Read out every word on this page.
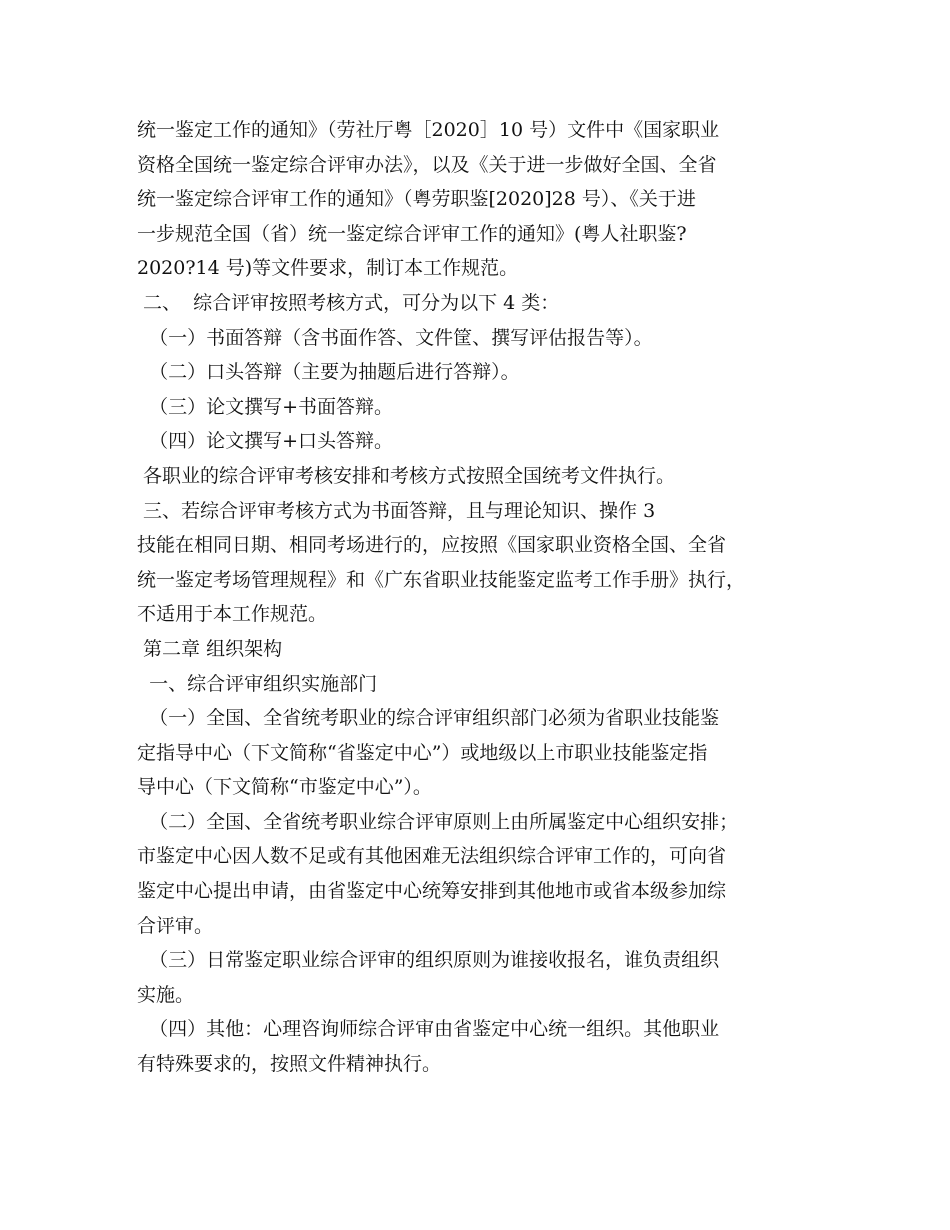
统一鉴定工作的通知》（劳社厅粤［2020］10 号）文件中《国家职业
资格全国统一鉴定综合评审办法》，以及《关于进一步做好全国、全省
统一鉴定综合评审工作的通知》（粤劳职鉴[2020]28 号）、《关于进
一步规范全国（省）统一鉴定综合评审工作的通知》(粤人社职鉴?
2020?14 号)等文件要求，制订本工作规范。
二、  综合评审按照考核方式，可分为以下 4 类：
（一）书面答辩（含书面作答、文件筐、撰写评估报告等）。
（二）口头答辩（主要为抽题后进行答辩）。
（三）论文撰写+书面答辩。
（四）论文撰写+口头答辩。
各职业的综合评审考核安排和考核方式按照全国统考文件执行。
三、若综合评审考核方式为书面答辩，且与理论知识、操作 3
技能在相同日期、相同考场进行的，应按照《国家职业资格全国、全省
统一鉴定考场管理规程》和《广东省职业技能鉴定监考工作手册》执行，
不适用于本工作规范。
第二章 组织架构
一、综合评审组织实施部门
（一）全国、全省统考职业的综合评审组织部门必须为省职业技能鉴
定指导中心（下文简称“省鉴定中心”）或地级以上市职业技能鉴定指
导中心（下文简称“市鉴定中心”）。
（二）全国、全省统考职业综合评审原则上由所属鉴定中心组织安排；
市鉴定中心因人数不足或有其他困难无法组织综合评审工作的，可向省
鉴定中心提出申请，由省鉴定中心统筹安排到其他地市或省本级参加综
合评审。
（三）日常鉴定职业综合评审的组织原则为谁接收报名，谁负责组织
实施。
（四）其他：心理咨询师综合评审由省鉴定中心统一组织。其他职业
有特殊要求的，按照文件精神执行。
